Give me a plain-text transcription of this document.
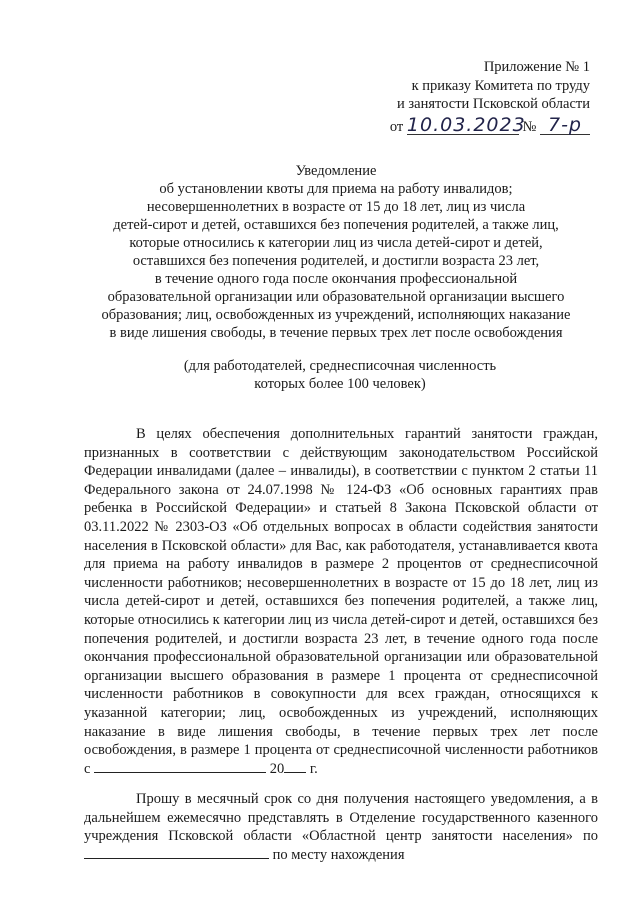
Приложение № 1
к приказу Комитета по труду
и занятости Псковской области
от 10.03.2023 № 7-р
Уведомление
об установлении квоты для приема на работу инвалидов;
несовершеннолетних в возрасте от 15 до 18 лет, лиц из числа
детей-сирот и детей, оставшихся без попечения родителей, а также лиц,
которые относились к категории лиц из числа детей-сирот и детей,
оставшихся без попечения родителей, и достигли возраста 23 лет,
в течение одного года после окончания профессиональной
образовательной организации или образовательной организации высшего
образования; лиц, освобожденных из учреждений, исполняющих наказание
в виде лишения свободы, в течение первых трех лет после освобождения
(для работодателей, среднесписочная численность
которых более 100 человек)

В целях обеспечения дополнительных гарантий занятости граждан, признанных в соответствии с действующим законодательством Российской Федерации инвалидами (далее – инвалиды), в соответствии с пунктом 2 статьи 11 Федерального закона от 24.07.1998 № 124-ФЗ «Об основных гарантиях прав ребенка в Российской Федерации» и статьей 8 Закона Псковской области от 03.11.2022 № 2303-ОЗ «Об отдельных вопросах в области содействия занятости населения в Псковской области» для Вас, как работодателя, устанавливается квота для приема на работу инвалидов в размере 2 процентов от среднесписочной численности работников; несовершеннолетних в возрасте от 15 до 18 лет, лиц из числа детей-сирот и детей, оставшихся без попечения родителей, а также лиц, которые относились к категории лиц из числа детей-сирот и детей, оставшихся без попечения родителей, и достигли возраста 23 лет, в течение одного года после окончания профессиональной образовательной организации или образовательной организации высшего образования в размере 1 процента от среднесписочной численности работников в совокупности для всех граждан, относящихся к указанной категории; лиц, освобожденных из учреждений, исполняющих наказание в виде лишения свободы, в течение первых трех лет после освобождения, в размере 1 процента от среднесписочной численности работников с	20 г.

Прошу в месячный срок со дня получения настоящего уведомления, а в дальнейшем ежемесячно представлять в Отделение государственного казенного учреждения Псковской области «Областной центр занятости населения» по  по месту нахождения
